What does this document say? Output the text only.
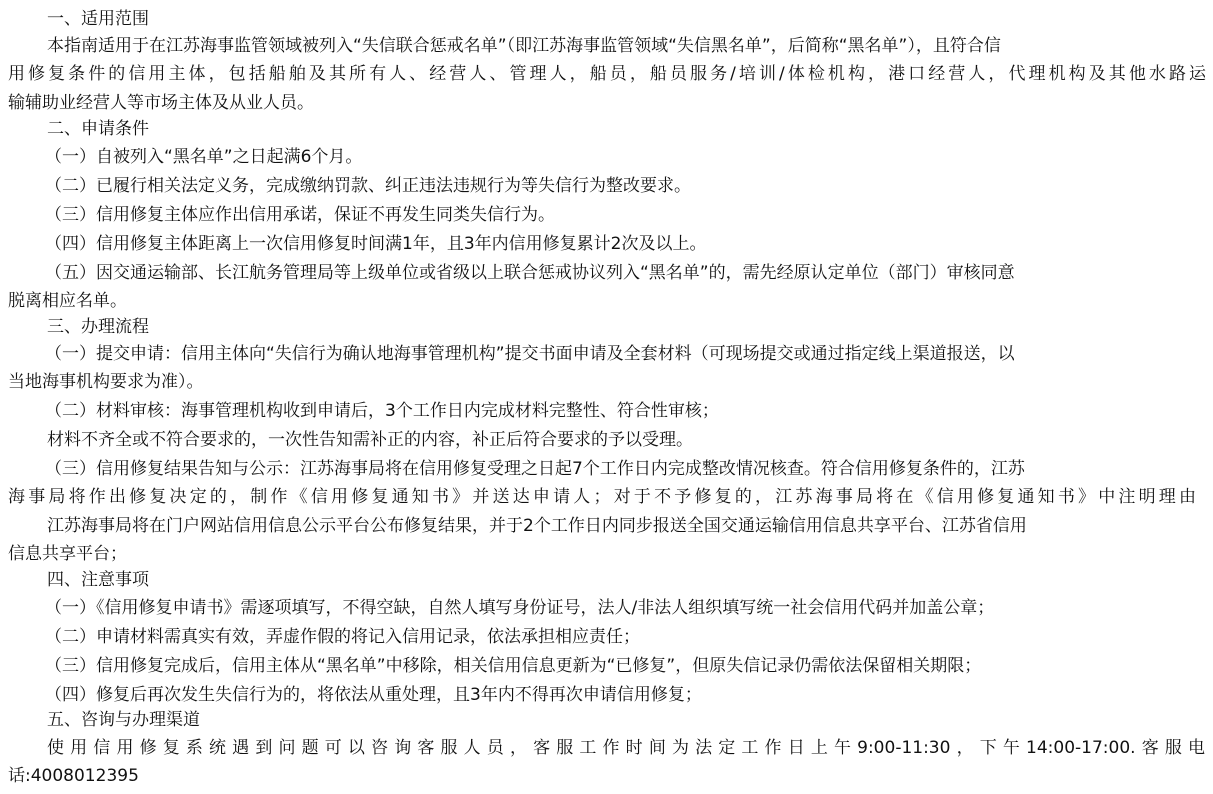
一、适用范围
本指南适用于在江苏海事监管领域被列入“失信联合惩戒名单”（即江苏海事监管领域“失信黑名单”，后简称“黑名单”），且符合信
用修复条件的信用主体，包括船舶及其所有人、经营人、管理人，船员，船员服务/培训/体检机构，港口经营人，代理机构及其他水路运
输辅助业经营人等市场主体及从业人员。
二、申请条件
（一）自被列入“黑名单”之日起满6个月。
（二）已履行相关法定义务，完成缴纳罚款、纠正违法违规行为等失信行为整改要求。
（三）信用修复主体应作出信用承诺，保证不再发生同类失信行为。
（四）信用修复主体距离上一次信用修复时间满1年，且3年内信用修复累计2次及以上。
（五）因交通运输部、长江航务管理局等上级单位或省级以上联合惩戒协议列入“黑名单”的，需先经原认定单位（部门）审核同意
脱离相应名单。
三、办理流程
（一）提交申请：信用主体向“失信行为确认地海事管理机构”提交书面申请及全套材料（可现场提交或通过指定线上渠道报送，以
当地海事机构要求为准）。
（二）材料审核：海事管理机构收到申请后，3个工作日内完成材料完整性、符合性审核；
材料不齐全或不符合要求的，一次性告知需补正的内容，补正后符合要求的予以受理。
（三）信用修复结果告知与公示：江苏海事局将在信用修复受理之日起7个工作日内完成整改情况核查。符合信用修复条件的，江苏
海事局将作出修复决定的，制作《信用修复通知书》并送达申请人；对于不予修复的，江苏海事局将在《信用修复通知书》中注明理由
江苏海事局将在门户网站信用信息公示平台公布修复结果，并于2个工作日内同步报送全国交通运输信用信息共享平台、江苏省信用
信息共享平台；
四、注意事项
（一）《信用修复申请书》需逐项填写，不得空缺，自然人填写身份证号，法人/非法人组织填写统一社会信用代码并加盖公章；
（二）申请材料需真实有效，弄虚作假的将记入信用记录，依法承担相应责任；
（三）信用修复完成后，信用主体从“黑名单”中移除，相关信用信息更新为“已修复”，但原失信记录仍需依法保留相关期限；
（四）修复后再次发生失信行为的，将依法从重处理，且3年内不得再次申请信用修复；
五、咨询与办理渠道
使用信用修复系统遇到问题可以咨询客服人员，客服工作时间为法定工作日上午9:00-11:30，下午14:00-17:00.客服电
话:4008012395
